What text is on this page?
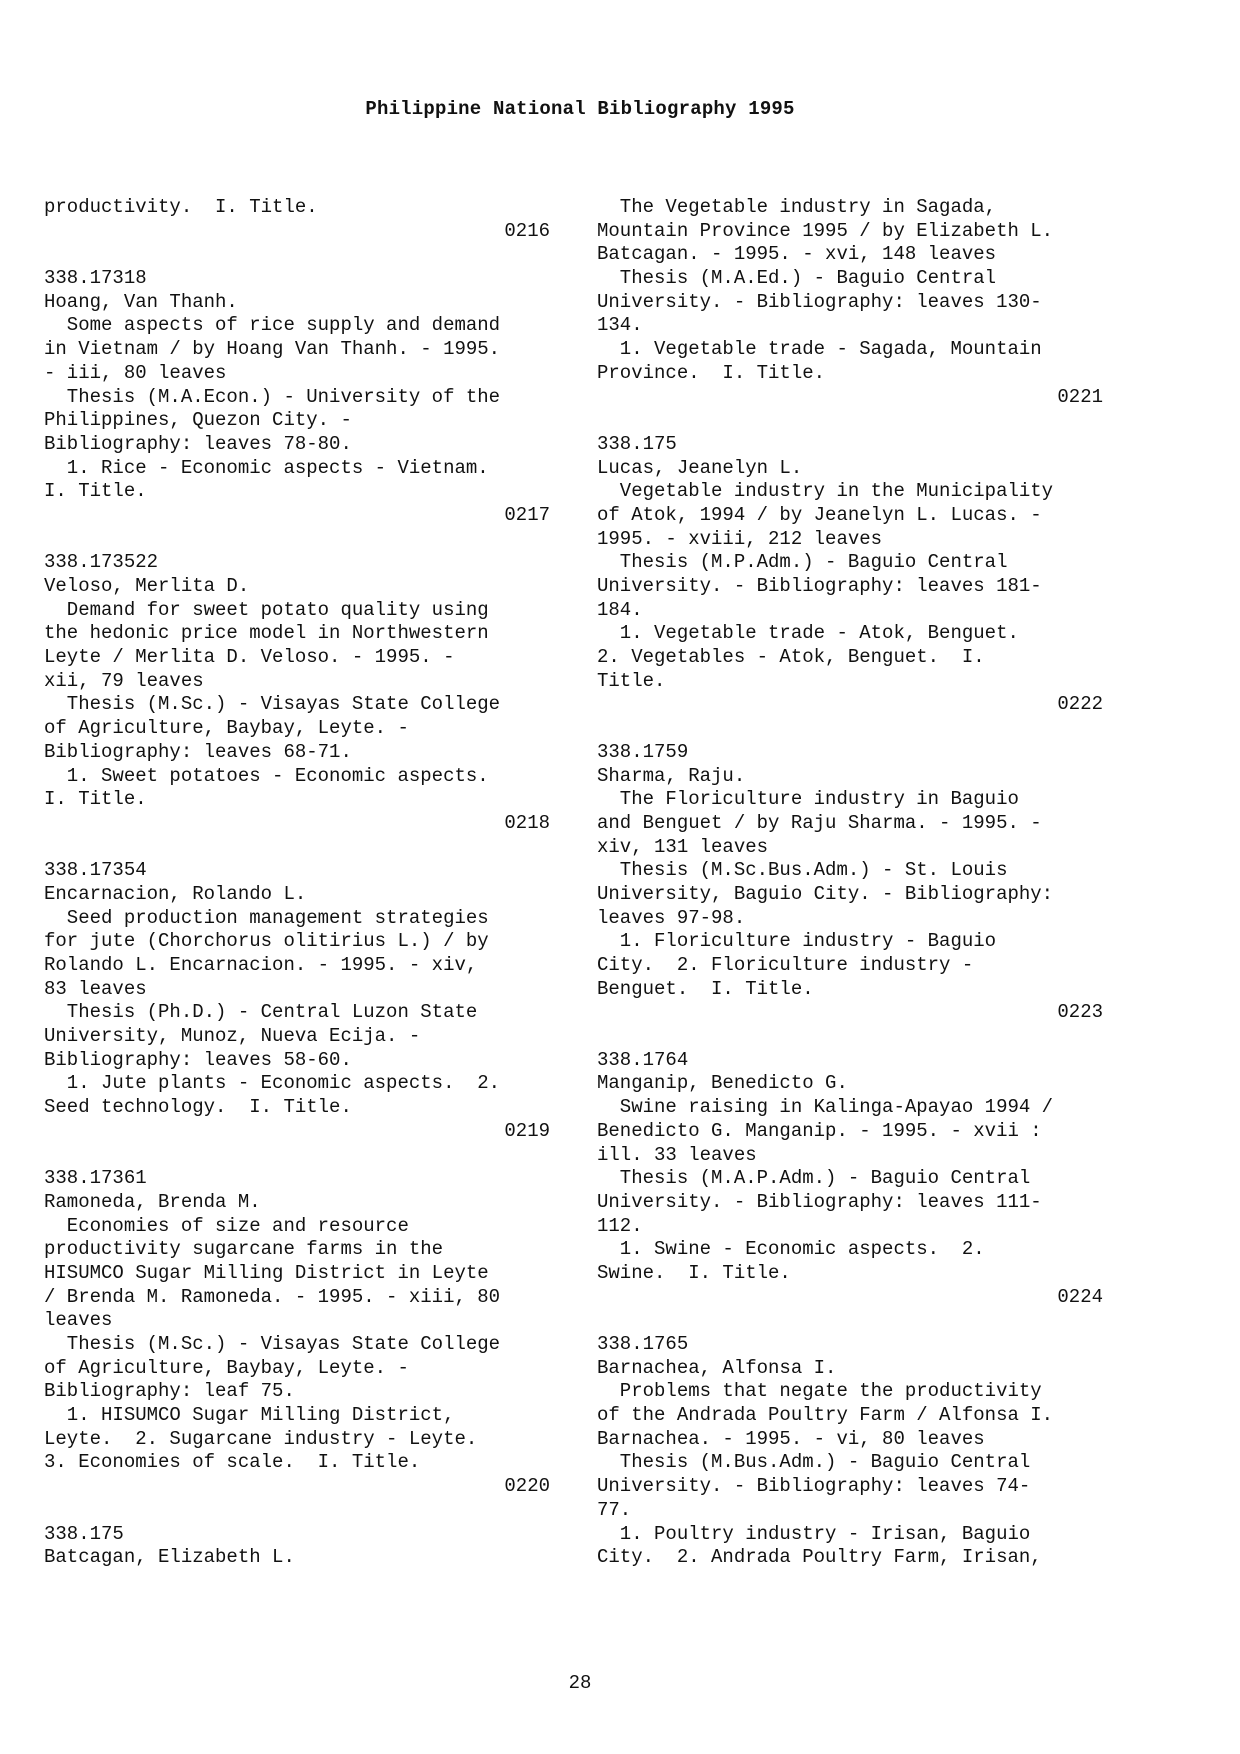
Philippine National Bibliography 1995
productivity.  I. Title.
0216
338.17318
Hoang, Van Thanh.
Some aspects of rice supply and demand
in Vietnam / by Hoang Van Thanh. - 1995.
- iii, 80 leaves
Thesis (M.A.Econ.) - University of the
Philippines, Quezon City. -
Bibliography: leaves 78-80.
1. Rice - Economic aspects - Vietnam.
I. Title.
0217
338.173522
Veloso, Merlita D.
Demand for sweet potato quality using
the hedonic price model in Northwestern
Leyte / Merlita D. Veloso. - 1995. -
xii, 79 leaves
Thesis (M.Sc.) - Visayas State College
of Agriculture, Baybay, Leyte. -
Bibliography: leaves 68-71.
1. Sweet potatoes - Economic aspects.
I. Title.
0218
338.17354
Encarnacion, Rolando L.
Seed production management strategies
for jute (Chorchorus olitirius L.) / by
Rolando L. Encarnacion. - 1995. - xiv,
83 leaves
Thesis (Ph.D.) - Central Luzon State
University, Munoz, Nueva Ecija. -
Bibliography: leaves 58-60.
1. Jute plants - Economic aspects.  2.
Seed technology.  I. Title.
0219
338.17361
Ramoneda, Brenda M.
Economies of size and resource
productivity sugarcane farms in the
HISUMCO Sugar Milling District in Leyte
/ Brenda M. Ramoneda. - 1995. - xiii, 80
leaves
Thesis (M.Sc.) - Visayas State College
of Agriculture, Baybay, Leyte. -
Bibliography: leaf 75.
1. HISUMCO Sugar Milling District,
Leyte.  2. Sugarcane industry - Leyte.
3. Economies of scale.  I. Title.
0220
338.175
Batcagan, Elizabeth L.
The Vegetable industry in Sagada,
Mountain Province 1995 / by Elizabeth L.
Batcagan. - 1995. - xvi, 148 leaves
Thesis (M.A.Ed.) - Baguio Central
University. - Bibliography: leaves 130-
134.
1. Vegetable trade - Sagada, Mountain
Province.  I. Title.
0221
338.175
Lucas, Jeanelyn L.
Vegetable industry in the Municipality
of Atok, 1994 / by Jeanelyn L. Lucas. -
1995. - xviii, 212 leaves
Thesis (M.P.Adm.) - Baguio Central
University. - Bibliography: leaves 181-
184.
1. Vegetable trade - Atok, Benguet.
2. Vegetables - Atok, Benguet.  I.
Title.
0222
338.1759
Sharma, Raju.
The Floriculture industry in Baguio
and Benguet / by Raju Sharma. - 1995. -
xiv, 131 leaves
Thesis (M.Sc.Bus.Adm.) - St. Louis
University, Baguio City. - Bibliography:
leaves 97-98.
1. Floriculture industry - Baguio
City.  2. Floriculture industry -
Benguet.  I. Title.
0223
338.1764
Manganip, Benedicto G.
Swine raising in Kalinga-Apayao 1994 /
Benedicto G. Manganip. - 1995. - xvii :
ill. 33 leaves
Thesis (M.A.P.Adm.) - Baguio Central
University. - Bibliography: leaves 111-
112.
1. Swine - Economic aspects.  2.
Swine.  I. Title.
0224
338.1765
Barnachea, Alfonsa I.
Problems that negate the productivity
of the Andrada Poultry Farm / Alfonsa I.
Barnachea. - 1995. - vi, 80 leaves
Thesis (M.Bus.Adm.) - Baguio Central
University. - Bibliography: leaves 74-
77.
1. Poultry industry - Irisan, Baguio
City.  2. Andrada Poultry Farm, Irisan,
28
